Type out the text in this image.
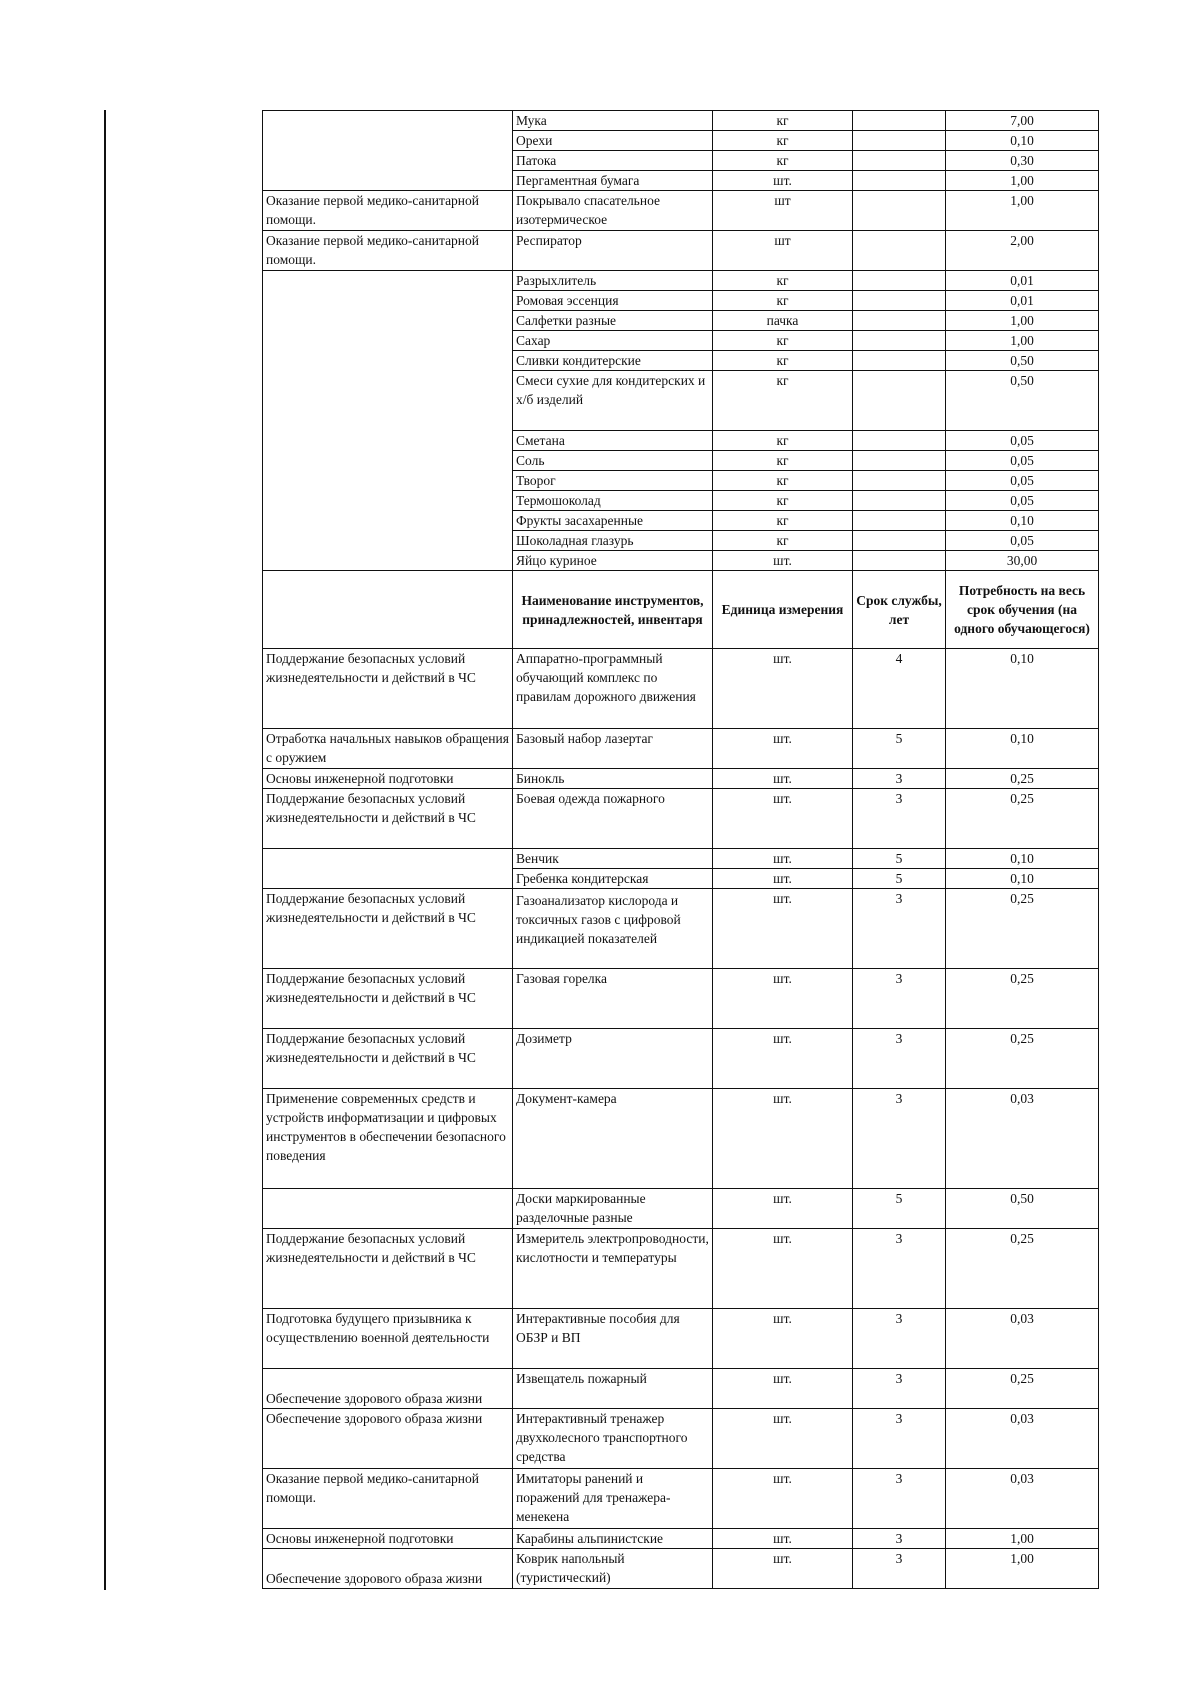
	Мука	кг		7,00
	Орехи	кг		0,10
	Патока	кг		0,30
	Пергаментная бумага	шт.		1,00
Оказание первой медико-санитарной помощи.	Покрывало спасательное изотермическое	шт		1,00
Оказание первой медико-санитарной помощи.	Респиратор	шт		2,00
	Разрыхлитель	кг		0,01
	Ромовая эссенция	кг		0,01
	Салфетки разные	пачка		1,00
	Сахар	кг		1,00
	Сливки кондитерские	кг		0,50
	Смеси сухие для кондитерских и х/б изделий	кг		0,50
	Сметана	кг		0,05
	Соль	кг		0,05
	Творог	кг		0,05
	Термошоколад	кг		0,05
	Фрукты засахаренные	кг		0,10
	Шоколадная глазурь	кг		0,05
	Яйцо куриное	шт.		30,00
	Наименование инструментов, принадлежностей, инвентаря	Единица измерения	Срок службы, лет	Потребность на весь срок обучения (на одного обучающегося)
Поддержание безопасных условий жизнедеятельности и действий в ЧС	Аппаратно-программный обучающий комплекс по правилам дорожного движения	шт.	4	0,10
Отработка начальных навыков обращения с оружием	Базовый набор лазертаг	шт.	5	0,10
Основы инженерной подготовки	Бинокль	шт.	3	0,25
Поддержание безопасных условий жизнедеятельности и действий в ЧС	Боевая одежда пожарного	шт.	3	0,25
	Венчик	шт.	5	0,10
	Гребенка кондитерская	шт.	5	0,10
Поддержание безопасных условий жизнедеятельности и действий в ЧС	Газоанализатор кислорода и токсичных газов с цифровой индикацией показателей	шт.	3	0,25
Поддержание безопасных условий жизнедеятельности и действий в ЧС	Газовая горелка	шт.	3	0,25
Поддержание безопасных условий жизнедеятельности и действий в ЧС	Дозиметр	шт.	3	0,25
Применение современных средств и устройств информатизации и цифровых инструментов в обеспечении безопасного поведения	Документ-камера	шт.	3	0,03
	Доски маркированные разделочные разные	шт.	5	0,50
Поддержание безопасных условий жизнедеятельности и действий в ЧС	Измеритель электропроводности, кислотности и температуры	шт.	3	0,25
Подготовка будущего призывника к осуществлению военной деятельности	Интерактивные пособия для ОБЗР и ВП	шт.	3	0,03
Обеспечение здорового образа жизни	Извещатель пожарный	шт.	3	0,25
Обеспечение здорового образа жизни	Интерактивный тренажер двухколесного транспортного средства	шт.	3	0,03
Оказание первой медико-санитарной помощи.	Имитаторы ранений и поражений для тренажера-менекена	шт.	3	0,03
Основы инженерной подготовки	Карабины альпинистские	шт.	3	1,00
Обеспечение здорового образа жизни	Коврик напольный (туристический)	шт.	3	1,00
